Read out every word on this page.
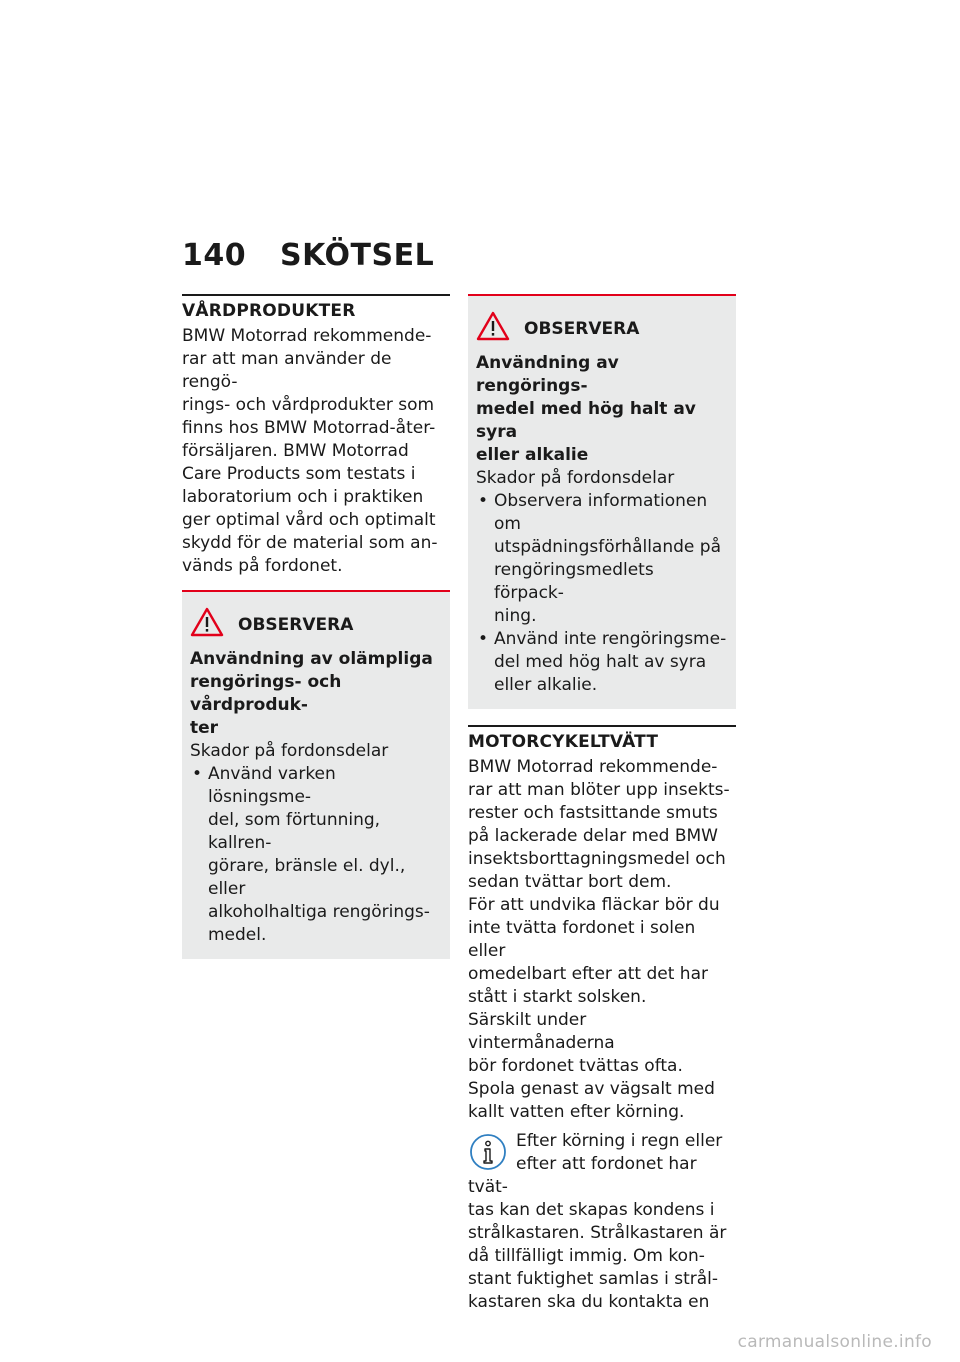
140 SKÖTSEL
VÅRDPRODUKTER

BMW Motorrad rekommende-

rar att man använder de rengö-

rings- och vårdprodukter som

finns hos BMW Motorrad-åter-

försäljaren. BMW Motorrad

Care Products som testats i

laboratorium och i praktiken

ger optimal vård och optimalt

skydd för de material som an-

vänds på fordonet.

OBSERVERA

Användning av olämpliga

rengörings- och vårdproduk-

ter

Skador på fordonsdelar

• Använd varken lösningsme-
del, som förtunning, kallren-
görare, bränsle el. dyl., eller
alkoholhaltiga rengörings-
medel.
OBSERVERA

Användning av rengörings-

medel med hög halt av syra

eller alkalie

Skador på fordonsdelar

• Observera informationen om
utspädningsförhållande på
rengöringsmedlets förpack-
ning.
• Använd inte rengöringsme-
del med hög halt av syra
eller alkalie.
MOTORCYKELTVÄTT

BMW Motorrad rekommende-

rar att man blöter upp insekts-

rester och fastsittande smuts

på lackerade delar med BMW

insektsborttagningsmedel och

sedan tvättar bort dem.

För att undvika fläckar bör du

inte tvätta fordonet i solen eller

omedelbart efter att det har

stått i starkt solsken.

Särskilt under vintermånaderna

bör fordonet tvättas ofta.

Spola genast av vägsalt med

kallt vatten efter körning.

Efter körning i regn eller
efter att fordonet har tvät-
tas kan det skapas kondens i
strålkastaren. Strålkastaren är
då tillfälligt immig. Om kon-
stant fuktighet samlas i strål-
kastaren ska du kontakta en
carmanualsonline.info
